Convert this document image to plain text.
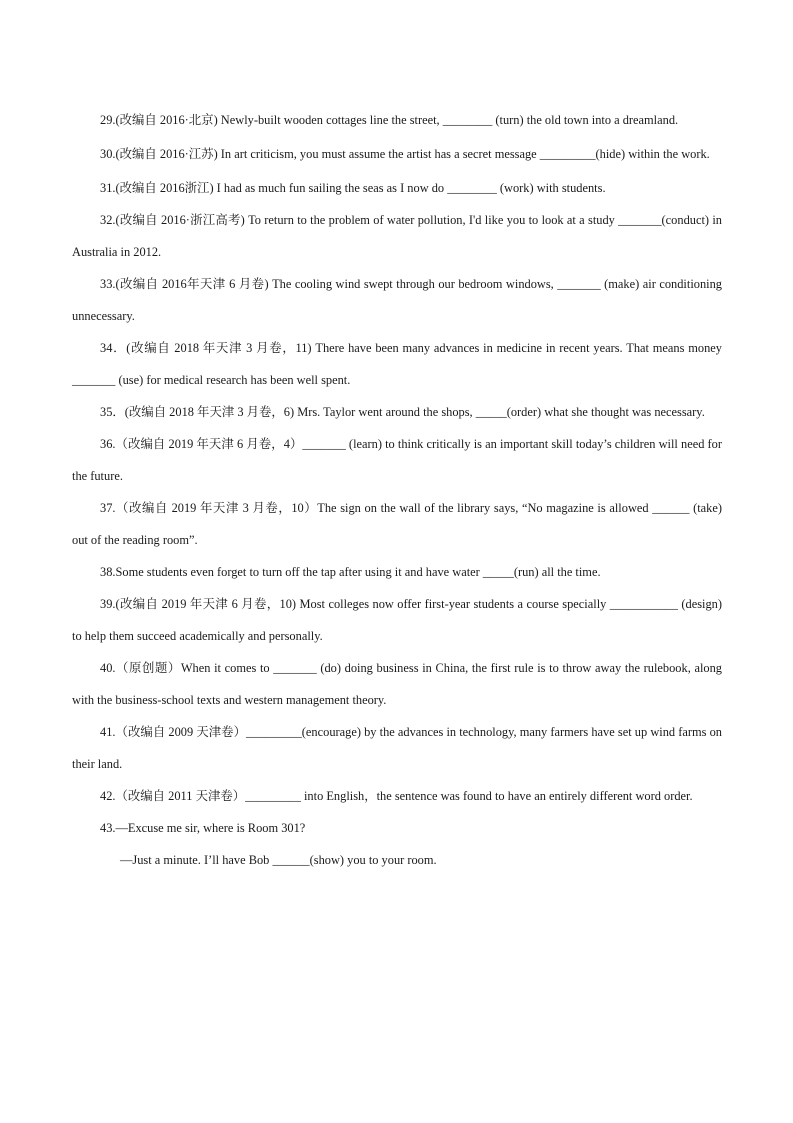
29.(改编自 2016·北京) Newly-built wooden cottages line the street, ________ (turn) the old town into a dreamland.

30.(改编自 2016·江苏) In art criticism, you must assume the artist has a secret message _________(hide) within the work.

31.(改编自 2016浙江) I had as much fun sailing the seas as I now do ________ (work) with students.

32.(改编自 2016·浙江高考) To return to the problem of water pollution, I'd like you to look at a study _______(conduct) in Australia in 2012.

33.(改编自 2016年天津 6 月卷) The cooling wind swept through our bedroom windows, _______ (make) air conditioning unnecessary.

34．(改编自 2018 年天津 3 月卷，11) There have been many advances in medicine in recent years. That means money _______ (use) for medical research has been well spent.

35．(改编自 2018 年天津 3 月卷，6) Mrs. Taylor went around the shops, _____(order) what she thought was necessary.

36.（改编自 2019 年天津 6 月卷，4）_______ (learn) to think critically is an important skill today’s children will need for the future.

37.（改编自 2019 年天津 3 月卷，10）The sign on the wall of the library says, “No magazine is allowed ______ (take) out of the reading room”.

38.Some students even forget to turn off the tap after using it and have water _____(run) all the time.

39.(改编自 2019 年天津 6 月卷，10) Most colleges now offer first-year students a course specially ___________ (design) to help them succeed academically and personally.

40.（原创题）When it comes to _______ (do) doing business in China, the first rule is to throw away the rulebook, along with the business-school texts and western management theory.

41.（改编自 2009 天津卷）_________(encourage) by the advances in technology, many farmers have set up wind farms on their land.

42.（改编自 2011 天津卷）_________ into English，the sentence was found to have an entirely different word order.

43.—Excuse me sir, where is Room 301?

—Just a minute. I’ll have Bob ______(show) you to your room.
